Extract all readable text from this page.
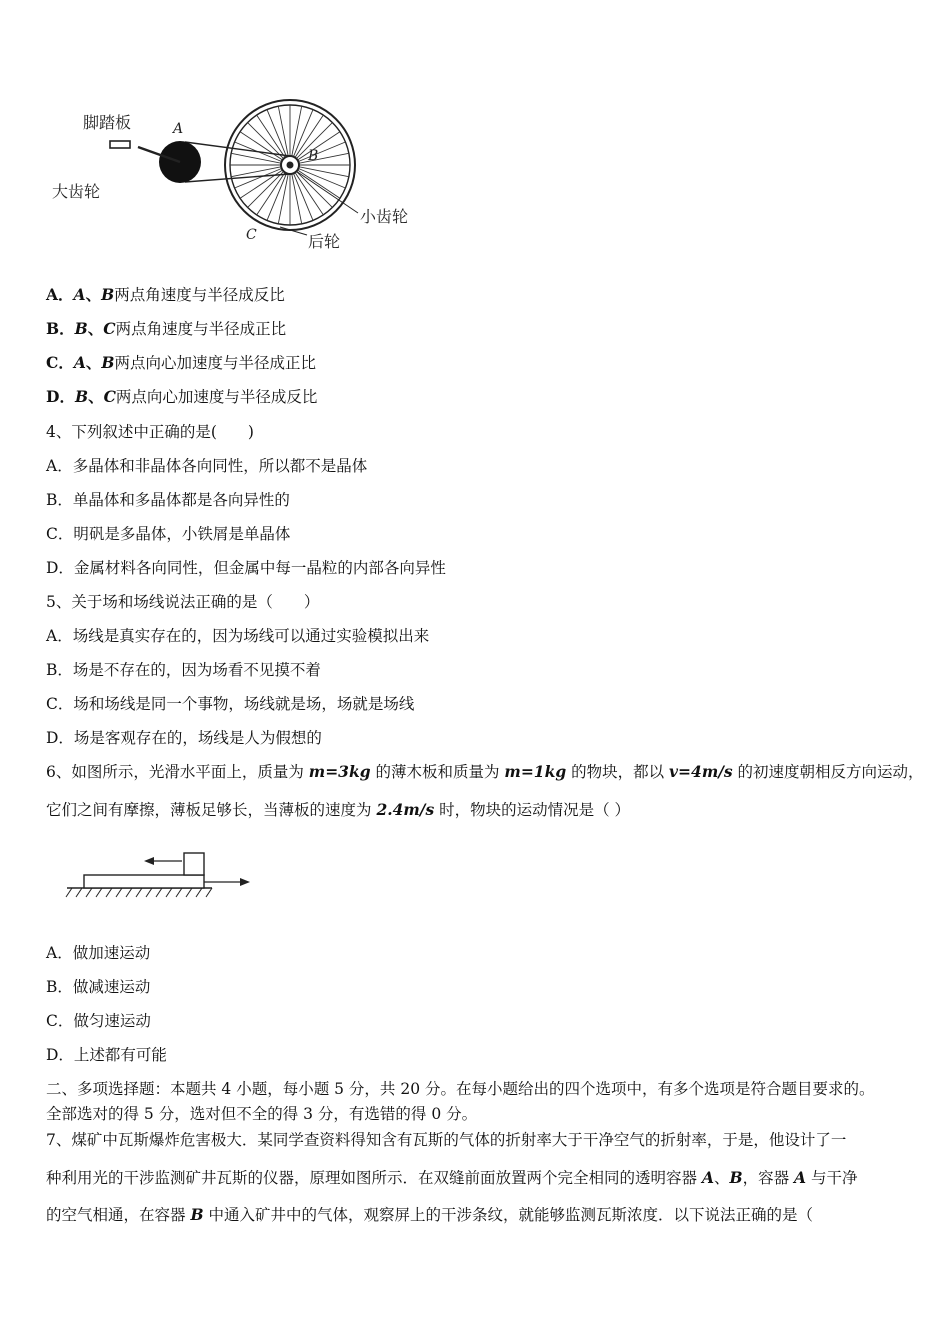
脚踏板
大齿轮
小齿轮
后轮
A
B
C
A．A、B两点角速度与半径成反比
B．B、C两点角速度与半径成正比
C．A、B两点向心加速度与半径成正比
D．B、C两点向心加速度与半径成反比
4、下列叙述中正确的是(　　)
A．多晶体和非晶体各向同性，所以都不是晶体
B．单晶体和多晶体都是各向异性的
C．明矾是多晶体，小铁屑是单晶体
D．金属材料各向同性，但金属中每一晶粒的内部各向异性
5、关于场和场线说法正确的是（　　）
A．场线是真实存在的，因为场线可以通过实验模拟出来
B．场是不存在的，因为场看不见摸不着
C．场和场线是同一个事物，场线就是场，场就是场线
D．场是客观存在的，场线是人为假想的
6、如图所示，光滑水平面上，质量为 m=3kg 的薄木板和质量为 m=1kg 的物块，都以 v=4m/s 的初速度朝相反方向运动，
它们之间有摩擦，薄板足够长，当薄板的速度为 2.4m/s 时，物块的运动情况是（ ）
A．做加速运动
B．做减速运动
C．做匀速运动
D．上述都有可能
二、多项选择题：本题共 4 小题，每小题 5 分，共 20 分。在每小题给出的四个选项中，有多个选项是符合题目要求的。
全部选对的得 5 分，选对但不全的得 3 分，有选错的得 0 分。
7、煤矿中瓦斯爆炸危害极大．某同学查资料得知含有瓦斯的气体的折射率大于干净空气的折射率，于是，他设计了一
种利用光的干涉监测矿井瓦斯的仪器，原理如图所示．在双缝前面放置两个完全相同的透明容器 A、B，容器 A 与干净
的空气相通，在容器 B 中通入矿井中的气体，观察屏上的干涉条纹，就能够监测瓦斯浓度．以下说法正确的是（
